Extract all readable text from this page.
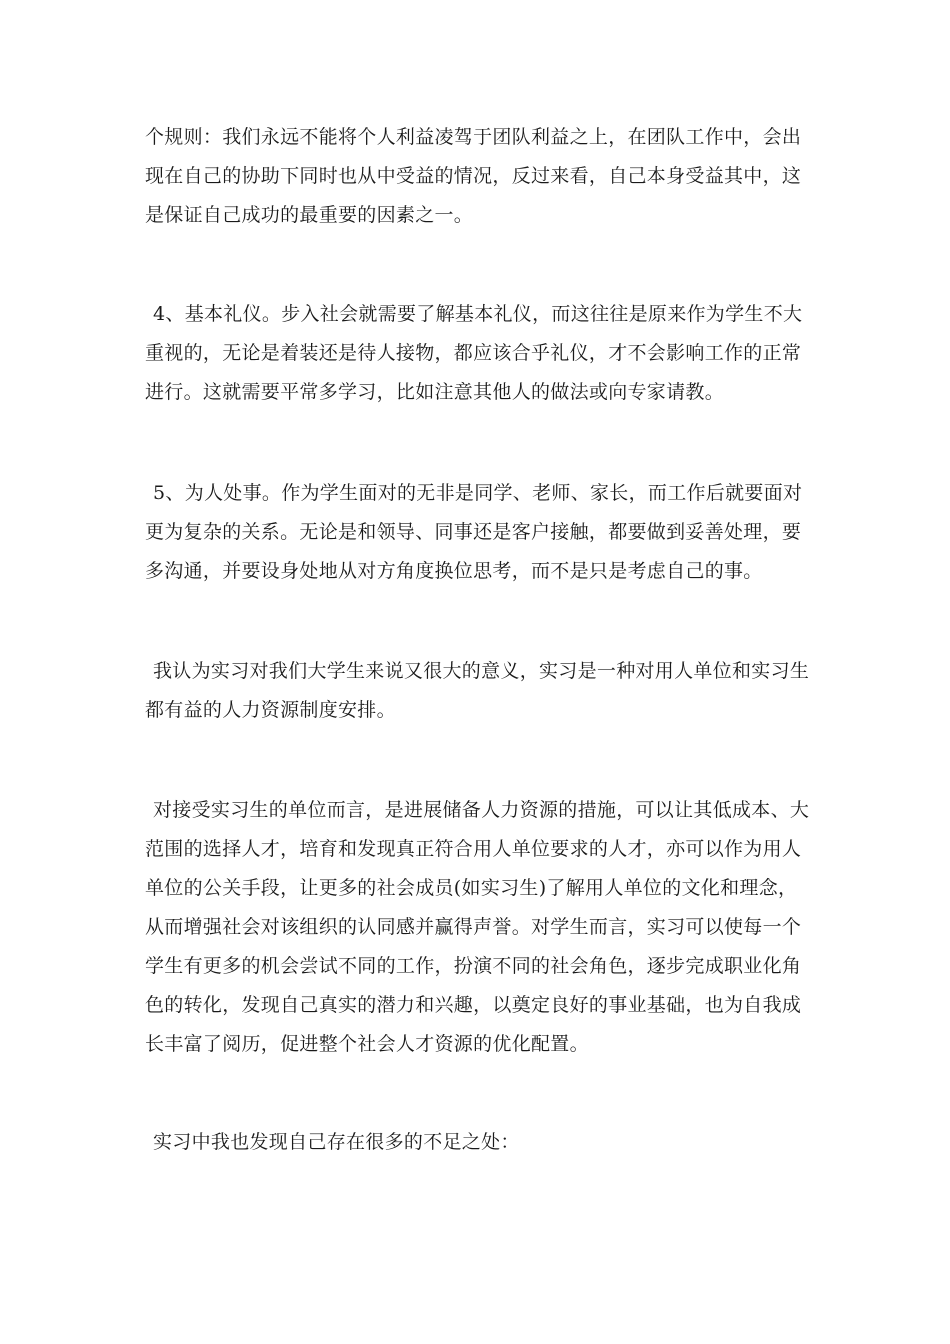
个规则：我们永远不能将个人利益凌驾于团队利益之上，在团队工作中，会出
现在自己的协助下同时也从中受益的情况，反过来看，自己本身受益其中，这
是保证自己成功的最重要的因素之一。
4、基本礼仪。步入社会就需要了解基本礼仪，而这往往是原来作为学生不大
重视的，无论是着装还是待人接物，都应该合乎礼仪，才不会影响工作的正常
进行。这就需要平常多学习，比如注意其他人的做法或向专家请教。
5、为人处事。作为学生面对的无非是同学、老师、家长，而工作后就要面对
更为复杂的关系。无论是和领导、同事还是客户接触，都要做到妥善处理，要
多沟通，并要设身处地从对方角度换位思考，而不是只是考虑自己的事。
我认为实习对我们大学生来说又很大的意义，实习是一种对用人单位和实习生
都有益的人力资源制度安排。
对接受实习生的单位而言，是进展储备人力资源的措施，可以让其低成本、大
范围的选择人才，培育和发现真正符合用人单位要求的人才，亦可以作为用人
单位的公关手段，让更多的社会成员(如实习生)了解用人单位的文化和理念，
从而增强社会对该组织的认同感并赢得声誉。对学生而言，实习可以使每一个
学生有更多的机会尝试不同的工作，扮演不同的社会角色，逐步完成职业化角
色的转化，发现自己真实的潜力和兴趣，以奠定良好的事业基础，也为自我成
长丰富了阅历，促进整个社会人才资源的优化配置。
实习中我也发现自己存在很多的不足之处：
